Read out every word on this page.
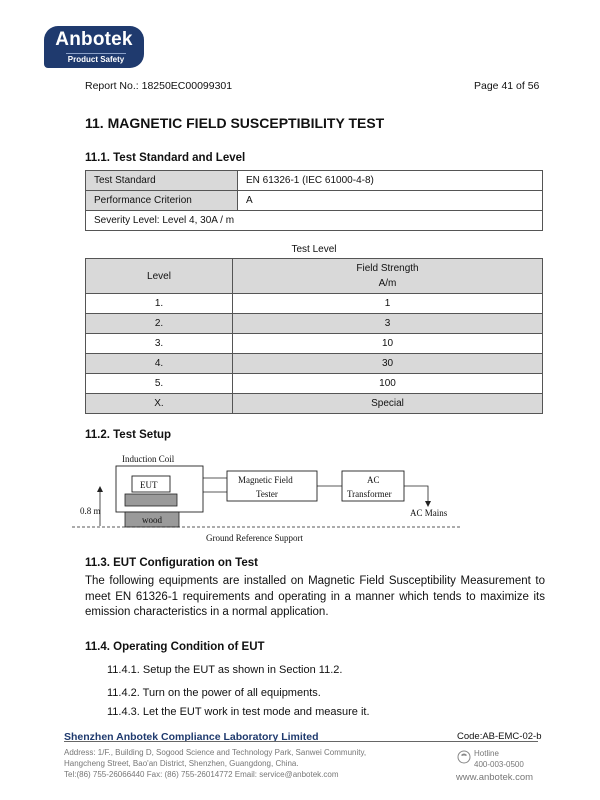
Anbotek
Product Safety
Report No.: 18250EC00099301	Page 41 of 56
11. MAGNETIC FIELD SUSCEPTIBILITY TEST
11.1. Test Standard and Level
Test Standard	EN 61326-1 (IEC 61000-4-8)
Performance Criterion	A
Severity Level: Level 4, 30A / m	
Test Level
Level	Field Strength
A/m
1.	1
2.	3
3.	10
4.	30
5.	100
X.	Special
11.2. Test Setup
Induction Coil
EUT
wood
0.8 m
Magnetic Field
Tester
AC
Transformer
AC Mains
Ground Reference Support
11.3. EUT Configuration on Test
The following equipments are installed on Magnetic Field Susceptibility Measurement to meet EN 61326-1 requirements and operating in a manner which tends to maximize its emission characteristics in a normal application.
11.4. Operating Condition of EUT
11.4.1. Setup the EUT as shown in Section 11.2.
11.4.2. Turn on the power of all equipments.
11.4.3. Let the EUT work in test mode and measure it.
Shenzhen Anbotek Compliance Laboratory Limited	Code:AB-EMC-02-b
Address: 1/F., Building D, Sogood Science and Technology Park, Sanwei Community,
Hangcheng Street, Bao'an District, Shenzhen, Guangdong, China.
Tel:(86) 755-26066440 Fax: (86) 755-26014772 Email: service@anbotek.com
Hotline
400-003-0500
www.anbotek.com
